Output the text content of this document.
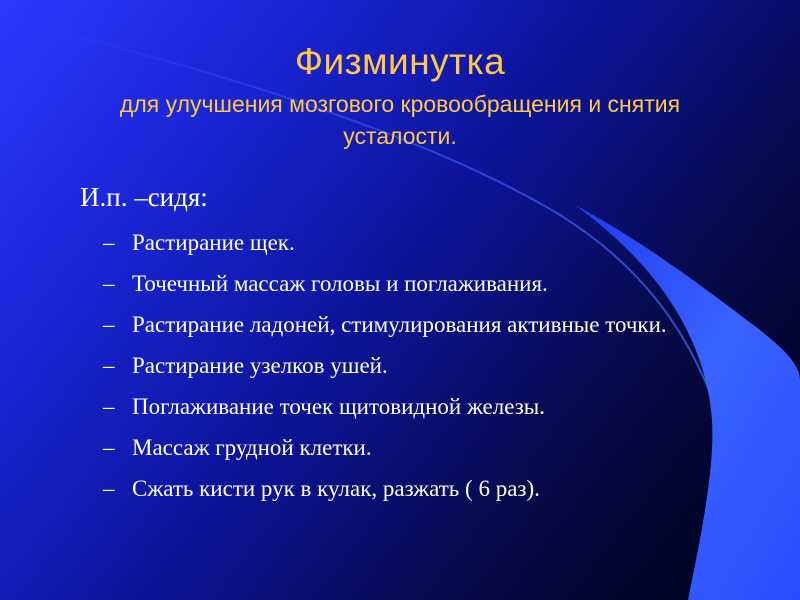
Физминутка
для улучшения мозгового кровообращения и снятия усталости.
И.п. –сидя:
– Растирание щек.
– Точечный массаж головы и поглаживания.
– Растирание ладоней, стимулирования активные точки.
– Растирание узелков ушей.
– Поглаживание точек щитовидной железы.
– Массаж грудной клетки.
– Сжать кисти рук в кулак, разжать ( 6 раз).
